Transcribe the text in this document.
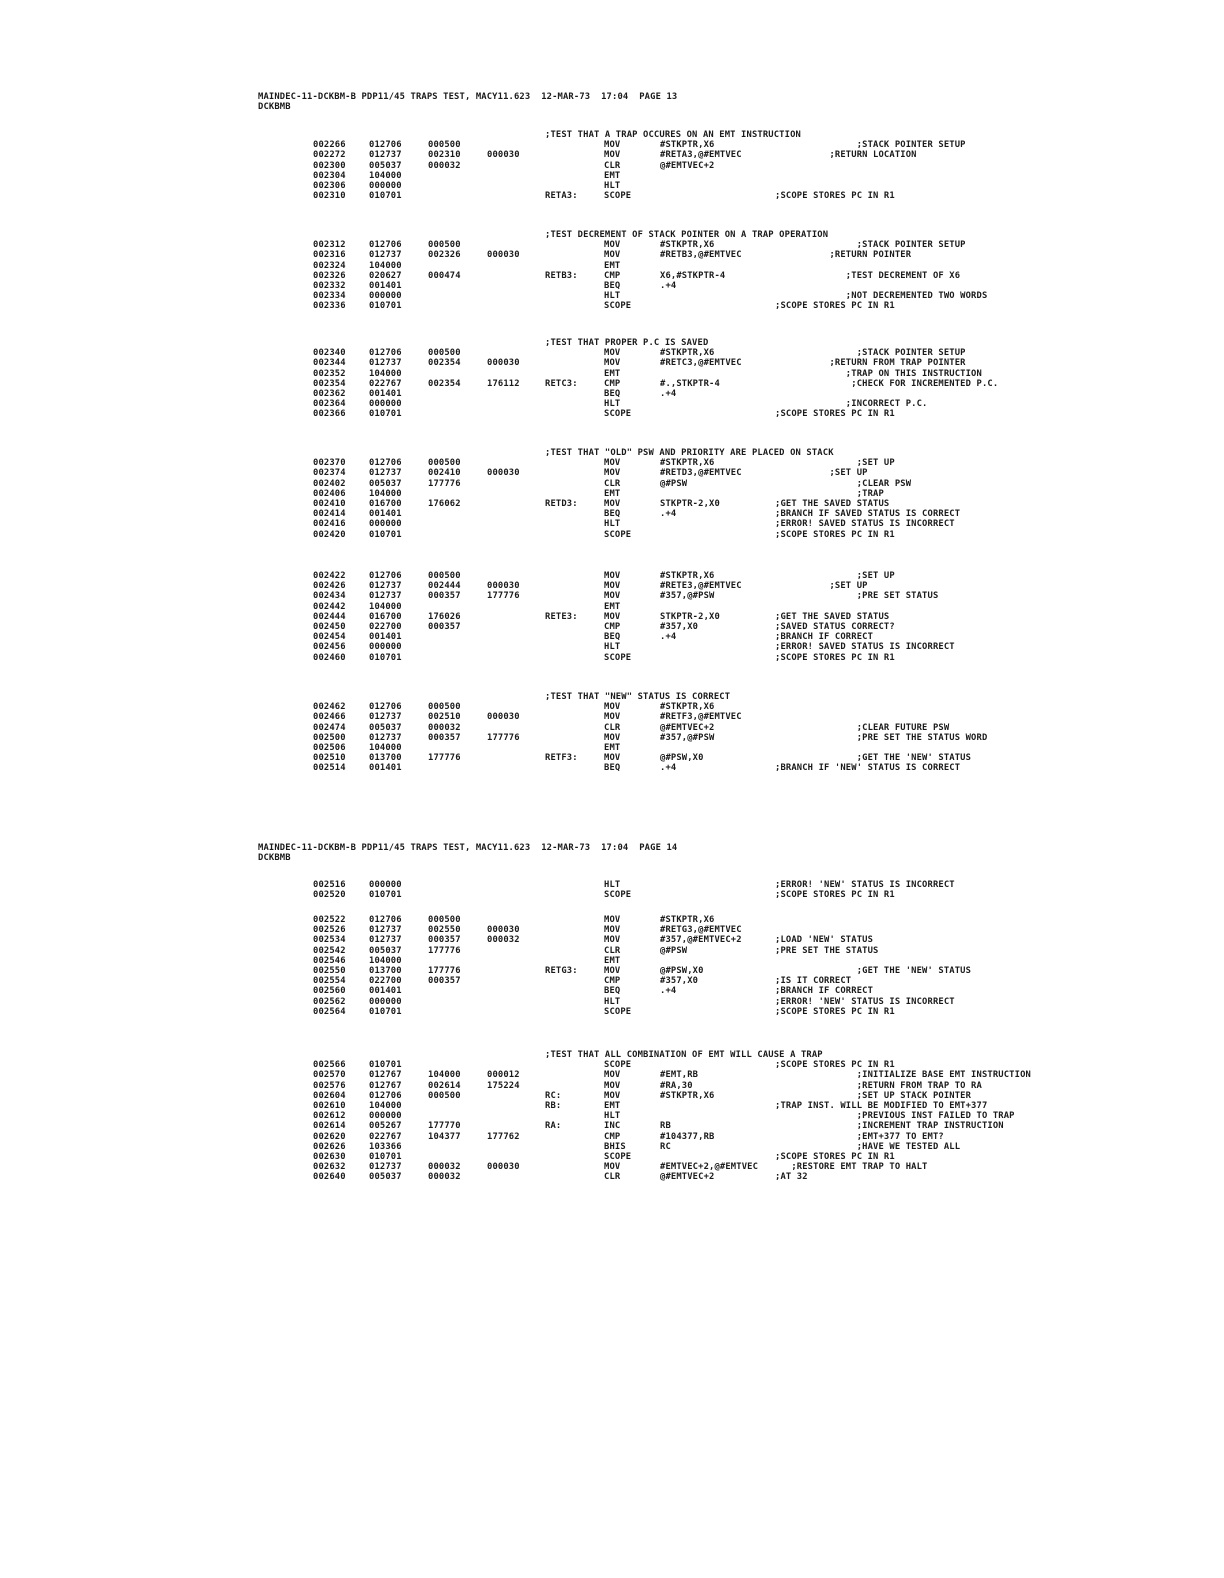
MAINDEC-11-DCKBM-B PDP11/45 TRAPS TEST, MACY11.623  12-MAR-73  17:04  PAGE 13
DCKBMB
;TEST THAT A TRAP OCCURES ON AN EMT INSTRUCTION
002266	012706	000500	MOV	#STKPTR,X6	;STACK POINTER SETUP
002272	012737	002310	000030	MOV	#RETA3,@#EMTVEC	;RETURN LOCATION
002300	005037	000032	CLR	@#EMTVEC+2
002304	104000	EMT
002306	000000	HLT
002310	010701	RETA3:	SCOPE	;SCOPE STORES PC IN R1
;TEST DECREMENT OF STACK POINTER ON A TRAP OPERATION
002312	012706	000500	MOV	#STKPTR,X6	;STACK POINTER SETUP
002316	012737	002326	000030	MOV	#RETB3,@#EMTVEC	;RETURN POINTER
002324	104000	EMT
002326	020627	000474	RETB3:	CMP	X6,#STKPTR-4	;TEST DECREMENT OF X6
002332	001401	BEQ	.+4
002334	000000	HLT	;NOT DECREMENTED TWO WORDS
002336	010701	SCOPE	;SCOPE STORES PC IN R1
;TEST THAT PROPER P.C IS SAVED
002340	012706	000500	MOV	#STKPTR,X6	;STACK POINTER SETUP
002344	012737	002354	000030	MOV	#RETC3,@#EMTVEC	;RETURN FROM TRAP POINTER
002352	104000	EMT	;TRAP ON THIS INSTRUCTION
002354	022767	002354	176112	RETC3:	CMP	#.,STKPTR-4	;CHECK FOR INCREMENTED P.C.
002362	001401	BEQ	.+4
002364	000000	HLT	;INCORRECT P.C.
002366	010701	SCOPE	;SCOPE STORES PC IN R1
;TEST THAT "OLD" PSW AND PRIORITY ARE PLACED ON STACK
002370	012706	000500	MOV	#STKPTR,X6	;SET UP
002374	012737	002410	000030	MOV	#RETD3,@#EMTVEC	;SET UP
002402	005037	177776	CLR	@#PSW	;CLEAR PSW
002406	104000	EMT	;TRAP
002410	016700	176062	RETD3:	MOV	STKPTR-2,X0	;GET THE SAVED STATUS
002414	001401	BEQ	.+4	;BRANCH IF SAVED STATUS IS CORRECT
002416	000000	HLT	;ERROR! SAVED STATUS IS INCORRECT
002420	010701	SCOPE	;SCOPE STORES PC IN R1
002422	012706	000500	MOV	#STKPTR,X6	;SET UP
002426	012737	002444	000030	MOV	#RETE3,@#EMTVEC	;SET UP
002434	012737	000357	177776	MOV	#357,@#PSW	;PRE SET STATUS
002442	104000	EMT
002444	016700	176026	RETE3:	MOV	STKPTR-2,X0	;GET THE SAVED STATUS
002450	022700	000357	CMP	#357,X0	;SAVED STATUS CORRECT?
002454	001401	BEQ	.+4	;BRANCH IF CORRECT
002456	000000	HLT	;ERROR! SAVED STATUS IS INCORRECT
002460	010701	SCOPE	;SCOPE STORES PC IN R1
;TEST THAT "NEW" STATUS IS CORRECT
002462	012706	000500	MOV	#STKPTR,X6
002466	012737	002510	000030	MOV	#RETF3,@#EMTVEC
002474	005037	000032	CLR	@#EMTVEC+2	;CLEAR FUTURE PSW
002500	012737	000357	177776	MOV	#357,@#PSW	;PRE SET THE STATUS WORD
002506	104000	EMT
002510	013700	177776	RETF3:	MOV	@#PSW,X0	;GET THE 'NEW' STATUS
002514	001401	BEQ	.+4	;BRANCH IF 'NEW' STATUS IS CORRECT
MAINDEC-11-DCKBM-B PDP11/45 TRAPS TEST, MACY11.623  12-MAR-73  17:04  PAGE 14
DCKBMB
002516	000000	HLT	;ERROR! 'NEW' STATUS IS INCORRECT
002520	010701	SCOPE	;SCOPE STORES PC IN R1
002522	012706	000500	MOV	#STKPTR,X6
002526	012737	002550	000030	MOV	#RETG3,@#EMTVEC
002534	012737	000357	000032	MOV	#357,@#EMTVEC+2	;LOAD 'NEW' STATUS
002542	005037	177776	CLR	@#PSW	;PRE SET THE STATUS
002546	104000	EMT
002550	013700	177776	RETG3:	MOV	@#PSW,X0	;GET THE 'NEW' STATUS
002554	022700	000357	CMP	#357,X0	;IS IT CORRECT
002560	001401	BEQ	.+4	;BRANCH IF CORRECT
002562	000000	HLT	;ERROR! 'NEW' STATUS IS INCORRECT
002564	010701	SCOPE	;SCOPE STORES PC IN R1
;TEST THAT ALL COMBINATION OF EMT WILL CAUSE A TRAP
002566	010701	SCOPE	;SCOPE STORES PC IN R1
002570	012767	104000	000012	MOV	#EMT,RB	;INITIALIZE BASE EMT INSTRUCTION
002576	012767	002614	175224	MOV	#RA,30	;RETURN FROM TRAP TO RA
002604	012706	000500	RC:	MOV	#STKPTR,X6	;SET UP STACK POINTER
002610	104000	RB:	EMT	;TRAP INST. WILL BE MODIFIED TO EMT+377
002612	000000	HLT	;PREVIOUS INST FAILED TO TRAP
002614	005267	177770	RA:	INC	RB	;INCREMENT TRAP INSTRUCTION
002620	022767	104377	177762	CMP	#104377,RB	;EMT+377 TO EMT?
002626	103366	BHIS	RC	;HAVE WE TESTED ALL
002630	010701	SCOPE	;SCOPE STORES PC IN R1
002632	012737	000032	000030	MOV	#EMTVEC+2,@#EMTVEC ;RESTORE EMT TRAP TO HALT
002640	005037	000032	CLR	@#EMTVEC+2	;AT 32
